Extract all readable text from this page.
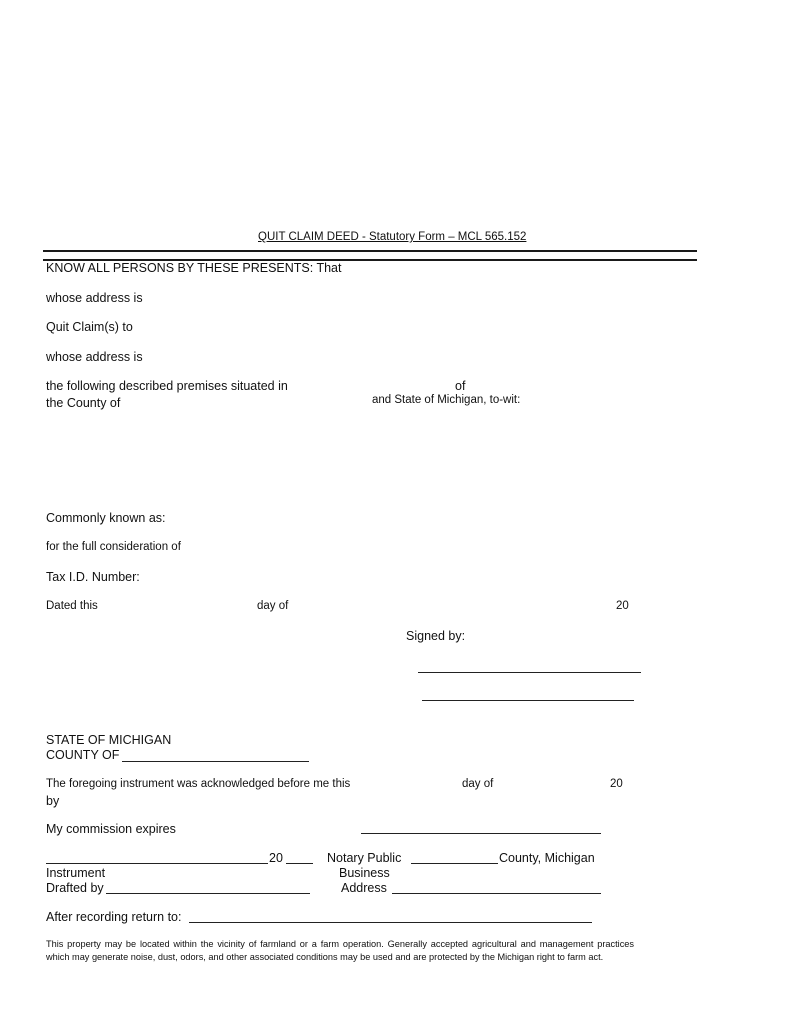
QUIT CLAIM DEED - Statutory Form – MCL 565.152
KNOW ALL PERSONS BY THESE PRESENTS: That
whose address is
Quit Claim(s) to
whose address is
the following described premises situated in	of
the County of	and State of Michigan, to-wit:
Commonly known as:
for the full consideration of
Tax I.D. Number:
Dated this	day of	20
Signed by:
STATE OF MICHIGAN
COUNTY OF
The foregoing instrument was acknowledged before me this	day of	20
by
My commission expires
20	Notary Public	County, Michigan
Instrument	Business
Drafted by	Address
After recording return to:
This property may be located within the vicinity of farmland or a farm operation. Generally accepted agricultural and management practices which may generate noise, dust, odors, and other associated conditions may be used and are protected by the Michigan right to farm act.
